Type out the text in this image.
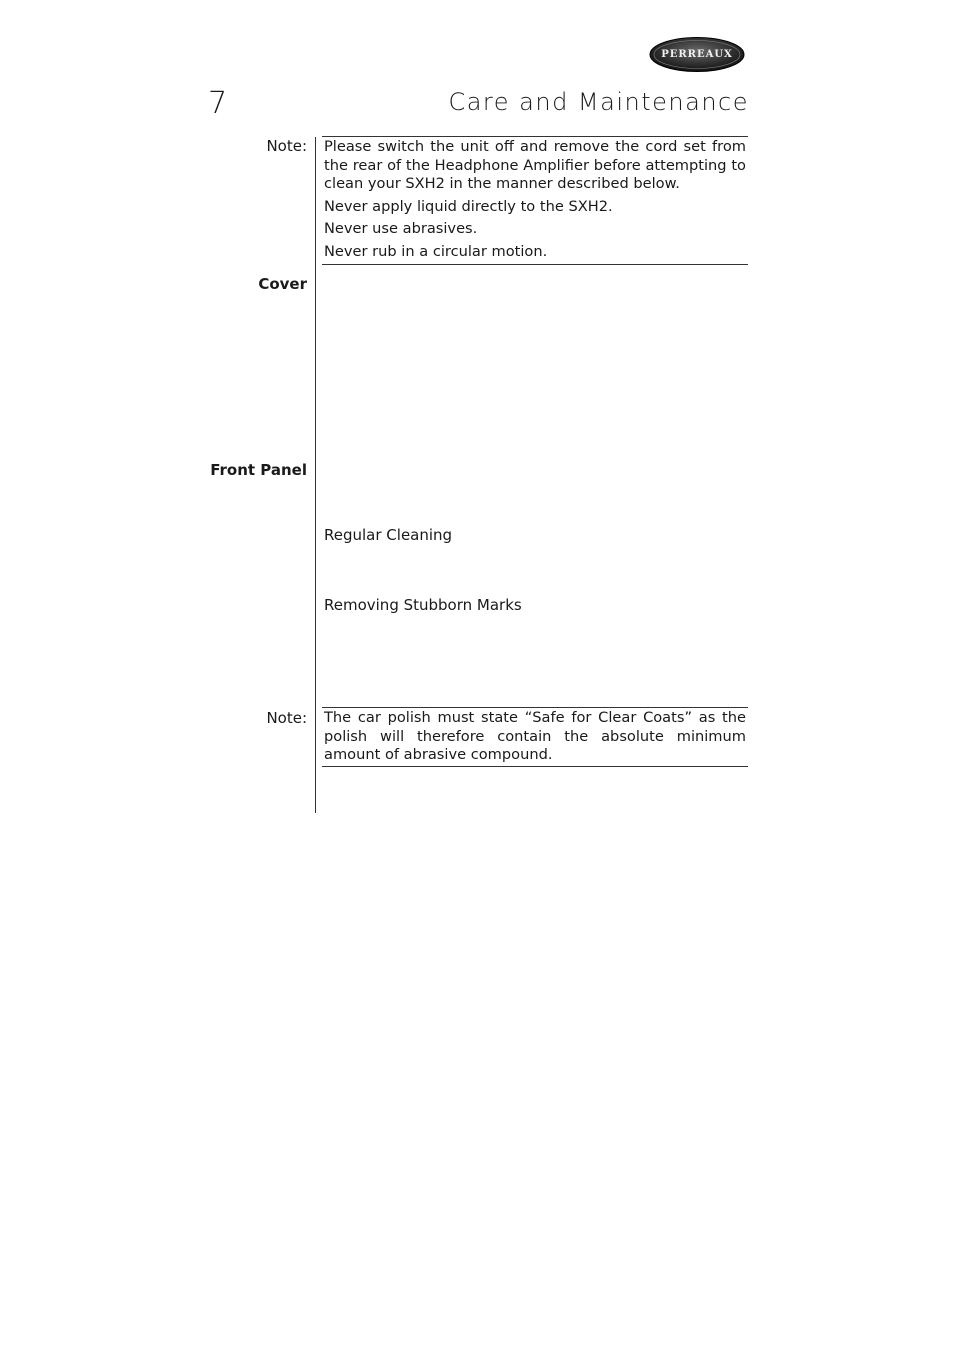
PERREAUX
7	Care and Maintenance
Note: Please switch the unit off and remove the cord set from the rear of the Headphone Amplifier before attempting to clean your SXH2 in the manner described below.

Never apply liquid directly to the SXH2.

Never use abrasives.

Never rub in a circular motion.

Cover
Front Panel
Regular Cleaning
Removing Stubborn Marks
Note: The car polish must state “Safe for Clear Coats” as the polish will therefore contain the absolute minimum amount of abrasive compound.
